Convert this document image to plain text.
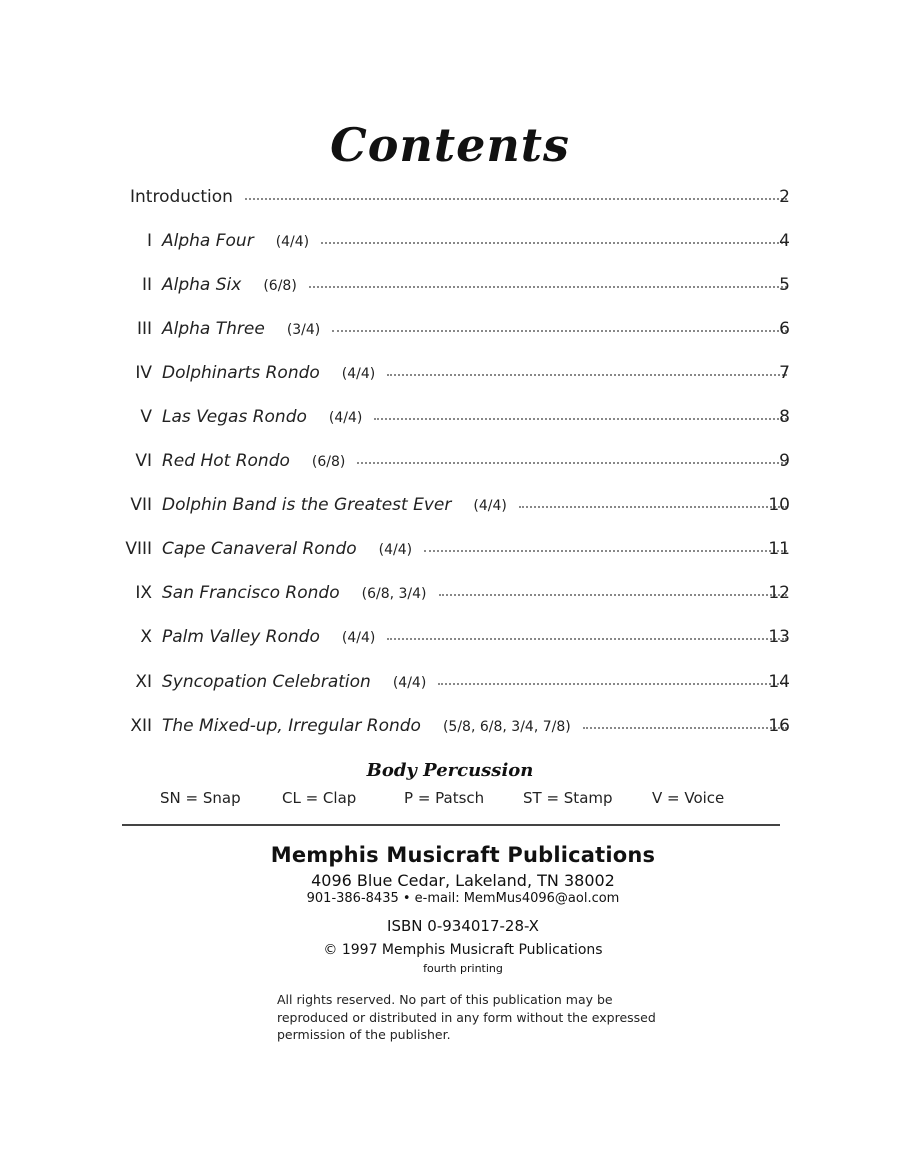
Contents
Introduction	2
I Alpha Four (4/4)	4
II Alpha Six (6/8)	5
III Alpha Three (3/4)	6
IV Dolphinarts Rondo (4/4)	7
V Las Vegas Rondo (4/4)	8
VI Red Hot Rondo (6/8)	9
VII Dolphin Band is the Greatest Ever (4/4)	10
VIII Cape Canaveral Rondo (4/4)	11
IX San Francisco Rondo (6/8, 3/4)	12
X Palm Valley Rondo (4/4)	13
XI Syncopation Celebration (4/4)	14
XII The Mixed-up, Irregular Rondo (5/8, 6/8, 3/4, 7/8)	16
Body Percussion
SN = Snap	CL = Clap	P = Patsch	ST = Stamp	V = Voice
Memphis Musicraft Publications
4096 Blue Cedar, Lakeland, TN 38002
901-386-8435 • e-mail: MemMus4096@aol.com
ISBN 0-934017-28-X
© 1997 Memphis Musicraft Publications
fourth printing
All rights reserved. No part of this publication may be reproduced or distributed in any form without the expressed permission of the publisher.
